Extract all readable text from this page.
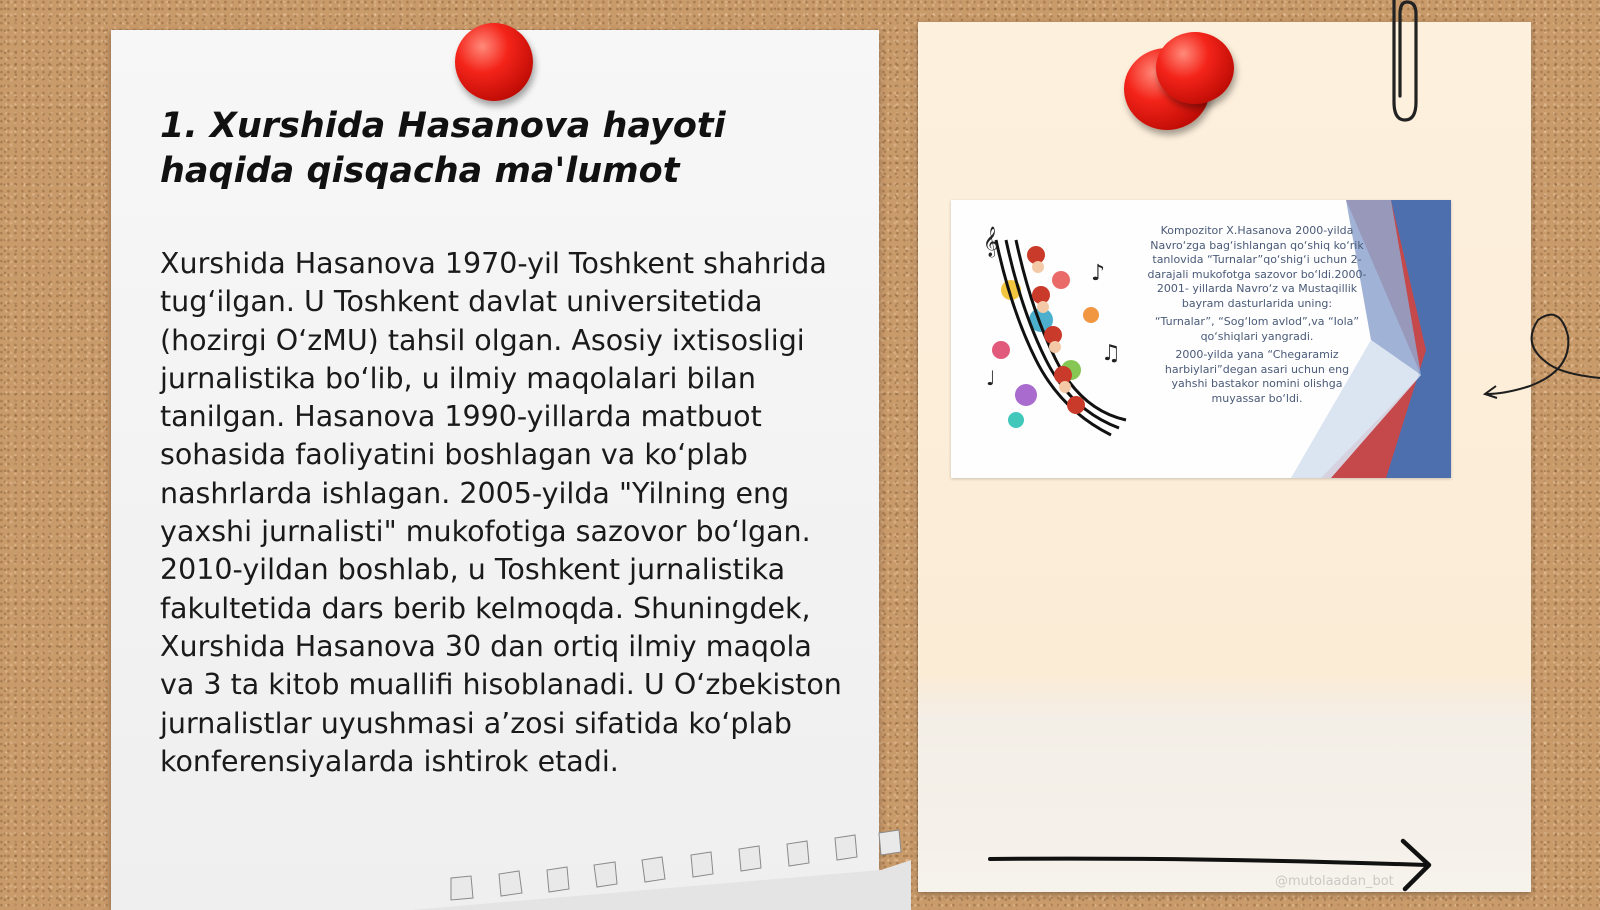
1. Xurshida Hasanova hayoti haqida qisqacha ma'lumot

Xurshida Hasanova 1970-yil Toshkent shahrida tug‘ilgan. U Toshkent davlat universitetida (hozirgi O‘zMU) tahsil olgan. Asosiy ixtisosligi jurnalistika bo‘lib, u ilmiy maqolalari bilan tanilgan. Hasanova 1990-yillarda matbuot sohasida faoliyatini boshlagan va ko‘plab nashrlarda ishlagan. 2005-yilda "Yilning eng yaxshi jurnalisti" mukofotiga sazovor bo‘lgan. 2010-yildan boshlab, u Toshkent jurnalistika fakultetida dars berib kelmoqda. Shuningdek, Xurshida Hasanova 30 dan ortiq ilmiy maqola va 3 ta kitob muallifi hisoblanadi. U O‘zbekiston jurnalistlar uyushmasi a’zosi sifatida ko‘plab konferensiyalarda ishtirok etadi.

𝄞
♪
♫
♩

Kompozitor X.Hasanova 2000-yilda Navro‘zga bag‘ishlangan qo‘shiq ko‘rik tanlovida “Turnalar”qo‘shig‘i uchun 2-darajali mukofotga sazovor bo‘ldi.2000-2001- yillarda Navro‘z va Mustaqillik bayram dasturlarida uning:

“Turnalar”, “Sog‘lom avlod”,va “Iola” qo‘shiqlari yangradi.

2000-yilda yana “Chegaramiz harbiylari”degan asari uchun eng yahshi bastakor nomini olishga muyassar bo‘ldi.

@mutolaadan_bot
